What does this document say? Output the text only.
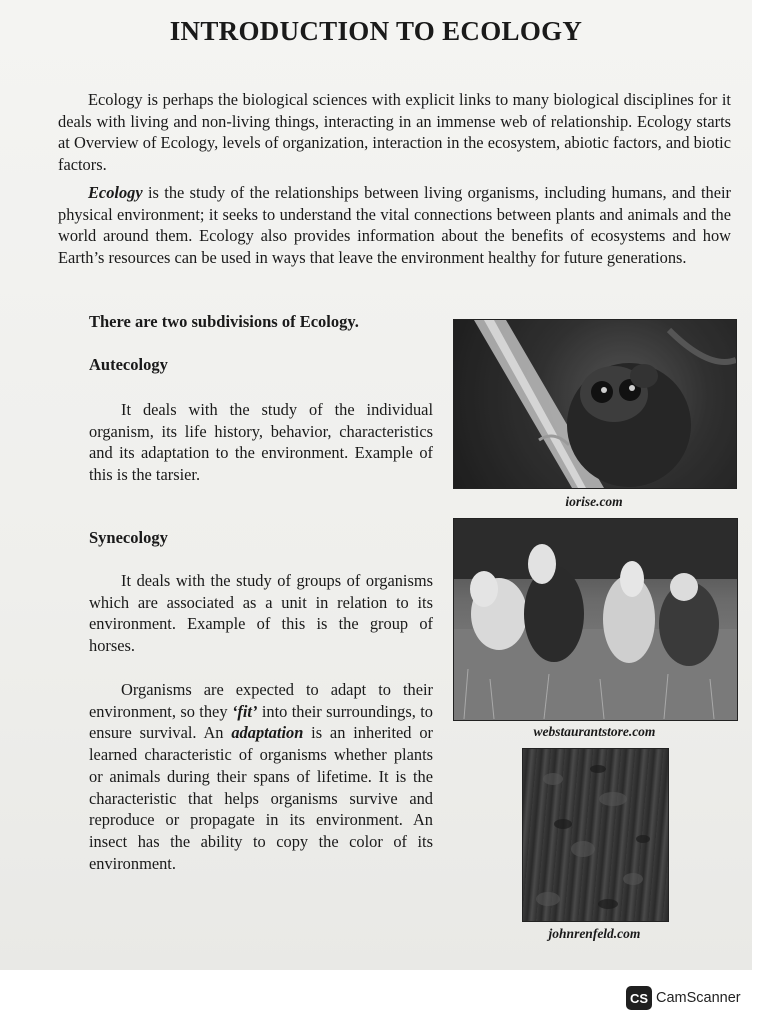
INTRODUCTION TO ECOLOGY

Ecology is perhaps the biological sciences with explicit links to many biological disciplines for it deals with living and non-living things, interacting in an immense web of relationship. Ecology starts at Overview of Ecology, levels of organization, interaction in the ecosystem, abiotic factors, and biotic factors.

Ecology is the study of the relationships between living organisms, including humans, and their physical environment; it seeks to understand the vital connections between plants and animals and the world around them. Ecology also provides information about the benefits of ecosystems and how Earth’s resources can be used in ways that leave the environment healthy for future generations.

There are two subdivisions of Ecology.

Autecology

It deals with the study of the individual organism, its life history, behavior, characteristics and its adaptation to the environment. Example of this is the tarsier.

Synecology

It deals with the study of groups of organisms which are associated as a unit in relation to its environment. Example of this is the group of horses.

Organisms are expected to adapt to their environment, so they ‘fit’ into their surroundings, to ensure survival. An adaptation is an inherited or learned characteristic of organisms whether plants or animals during their spans of lifetime. It is the characteristic that helps organisms survive and reproduce or propagate in its environment. An insect has the ability to copy the color of its environment.

iorise.com

webstaurantstore.com

johnrenfeld.com

CS CamScanner
